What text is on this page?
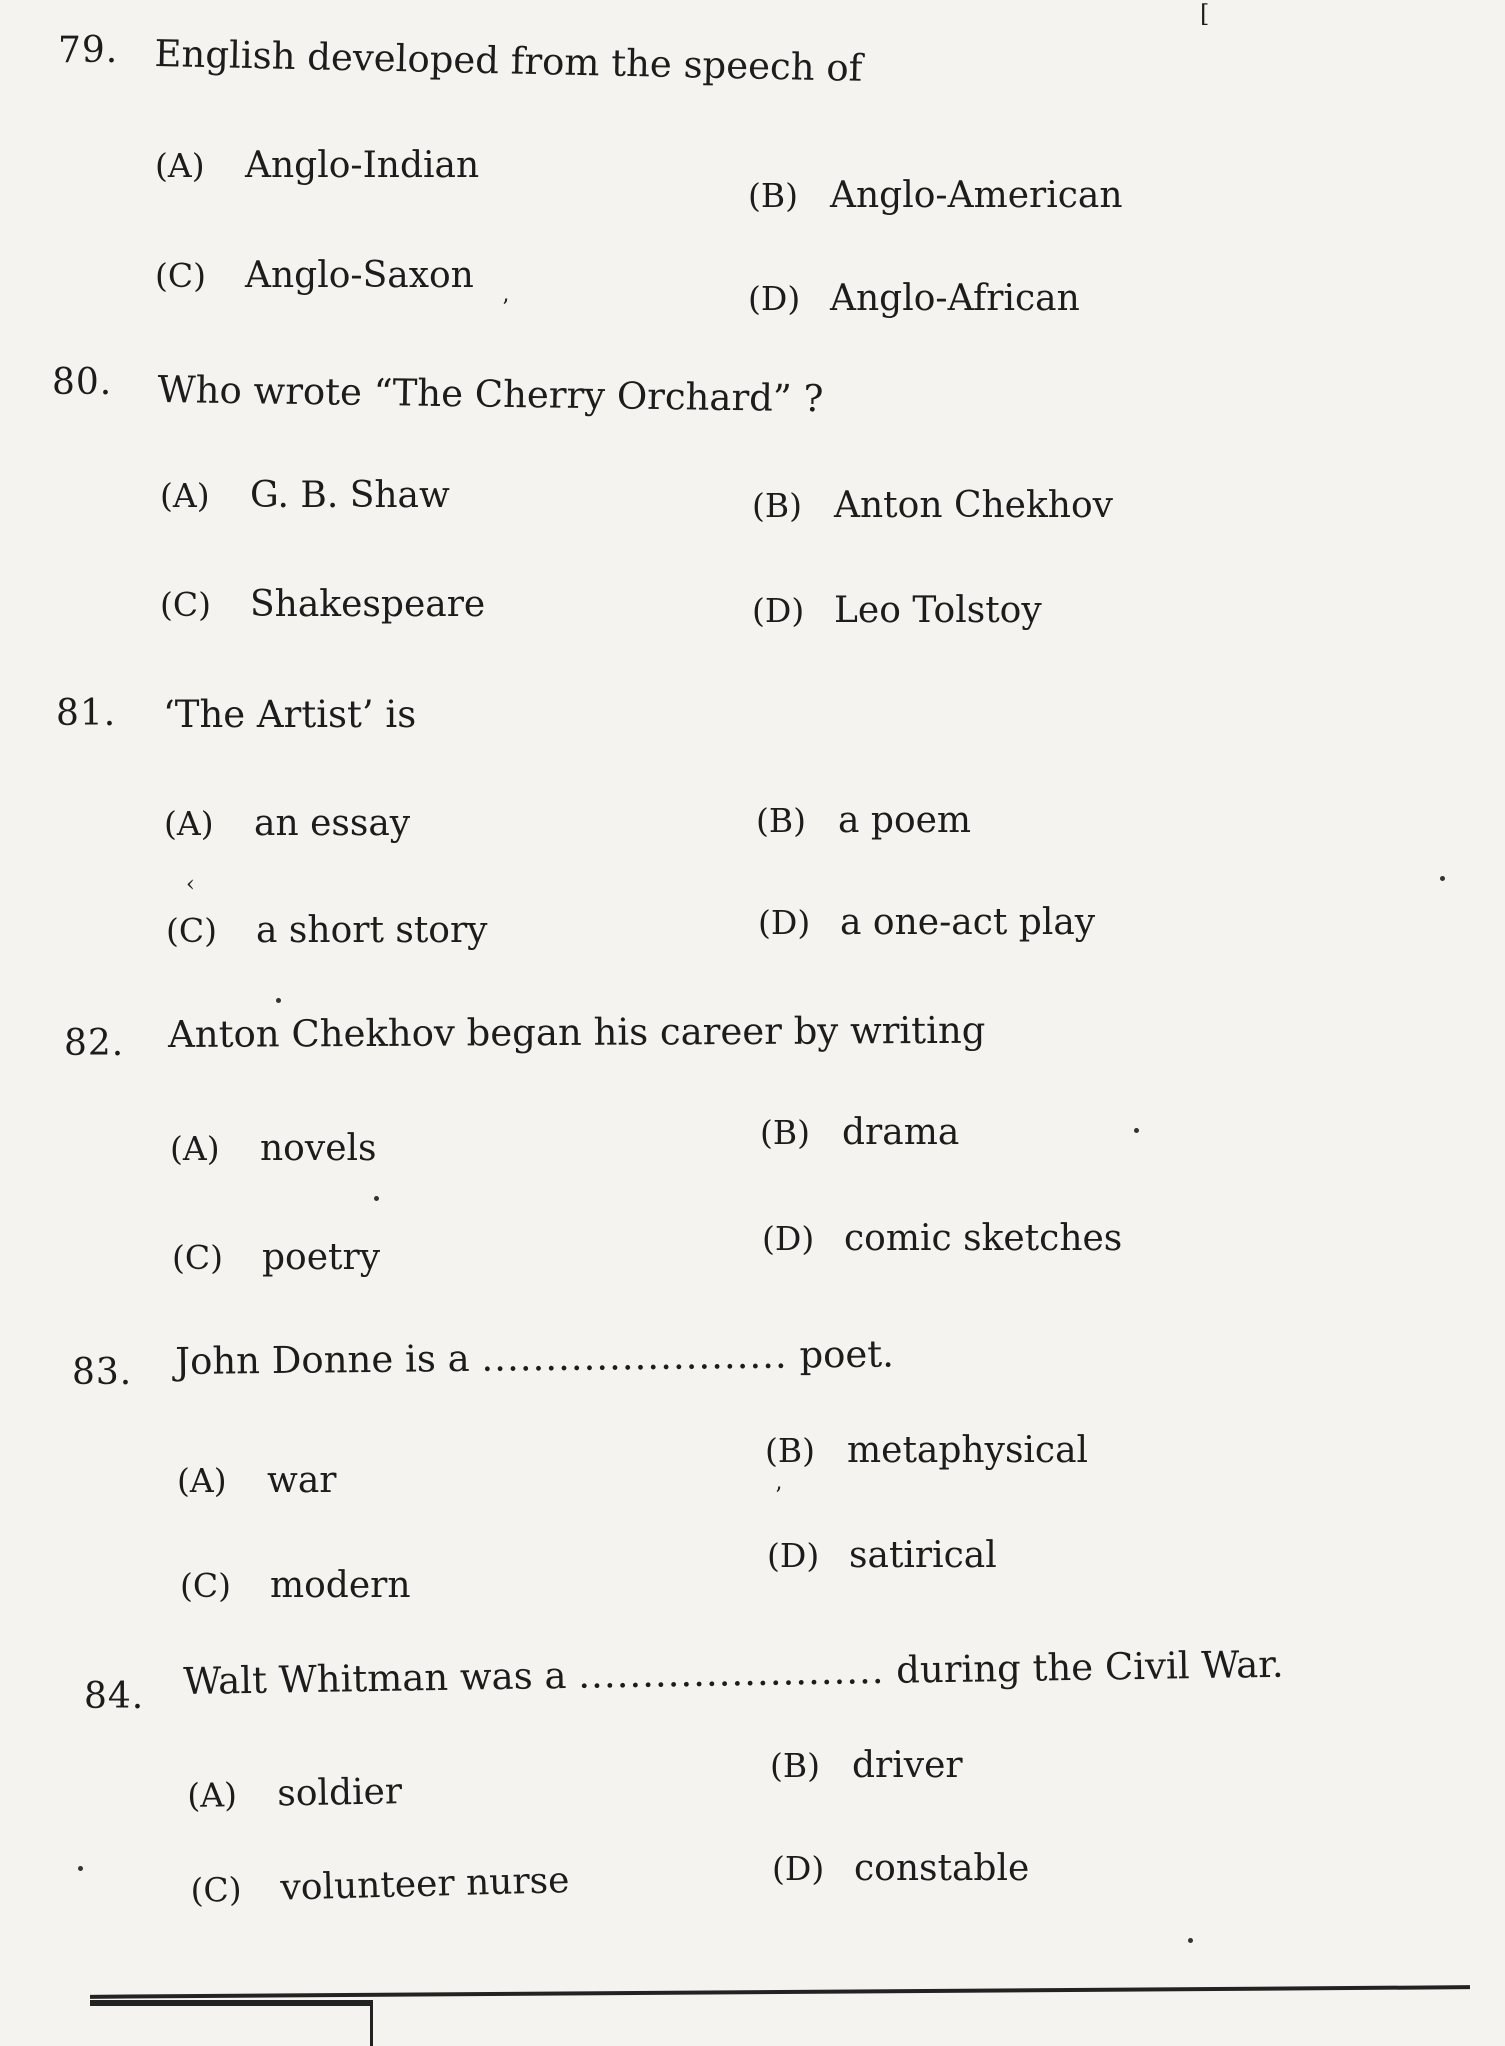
[
79. English developed from the speech of
(A) Anglo-Indian
(B) Anglo-American
(C) Anglo-Saxon
(D) Anglo-African
80. Who wrote “The Cherry Orchard” ?
(A) G. B. Shaw	(B) Anton Chekhov
(C) Shakespeare	(D) Leo Tolstoy
81. ‘The Artist’ is
(A) an essay	(B) a poem
(C) a short story	(D) a one-act play
82. Anton Chekhov began his career by writing
(A) novels	(B) drama
(C) poetry	(D) comic sketches
83. John Donne is a ........................ poet.
(A) war
(B) metaphysical
(C) modern
(D) satirical
84. Walt Whitman was a ........................ during the Civil War.
(A) soldier
(B) driver
(C) volunteer nurse	(D) constable
’
‹
’
